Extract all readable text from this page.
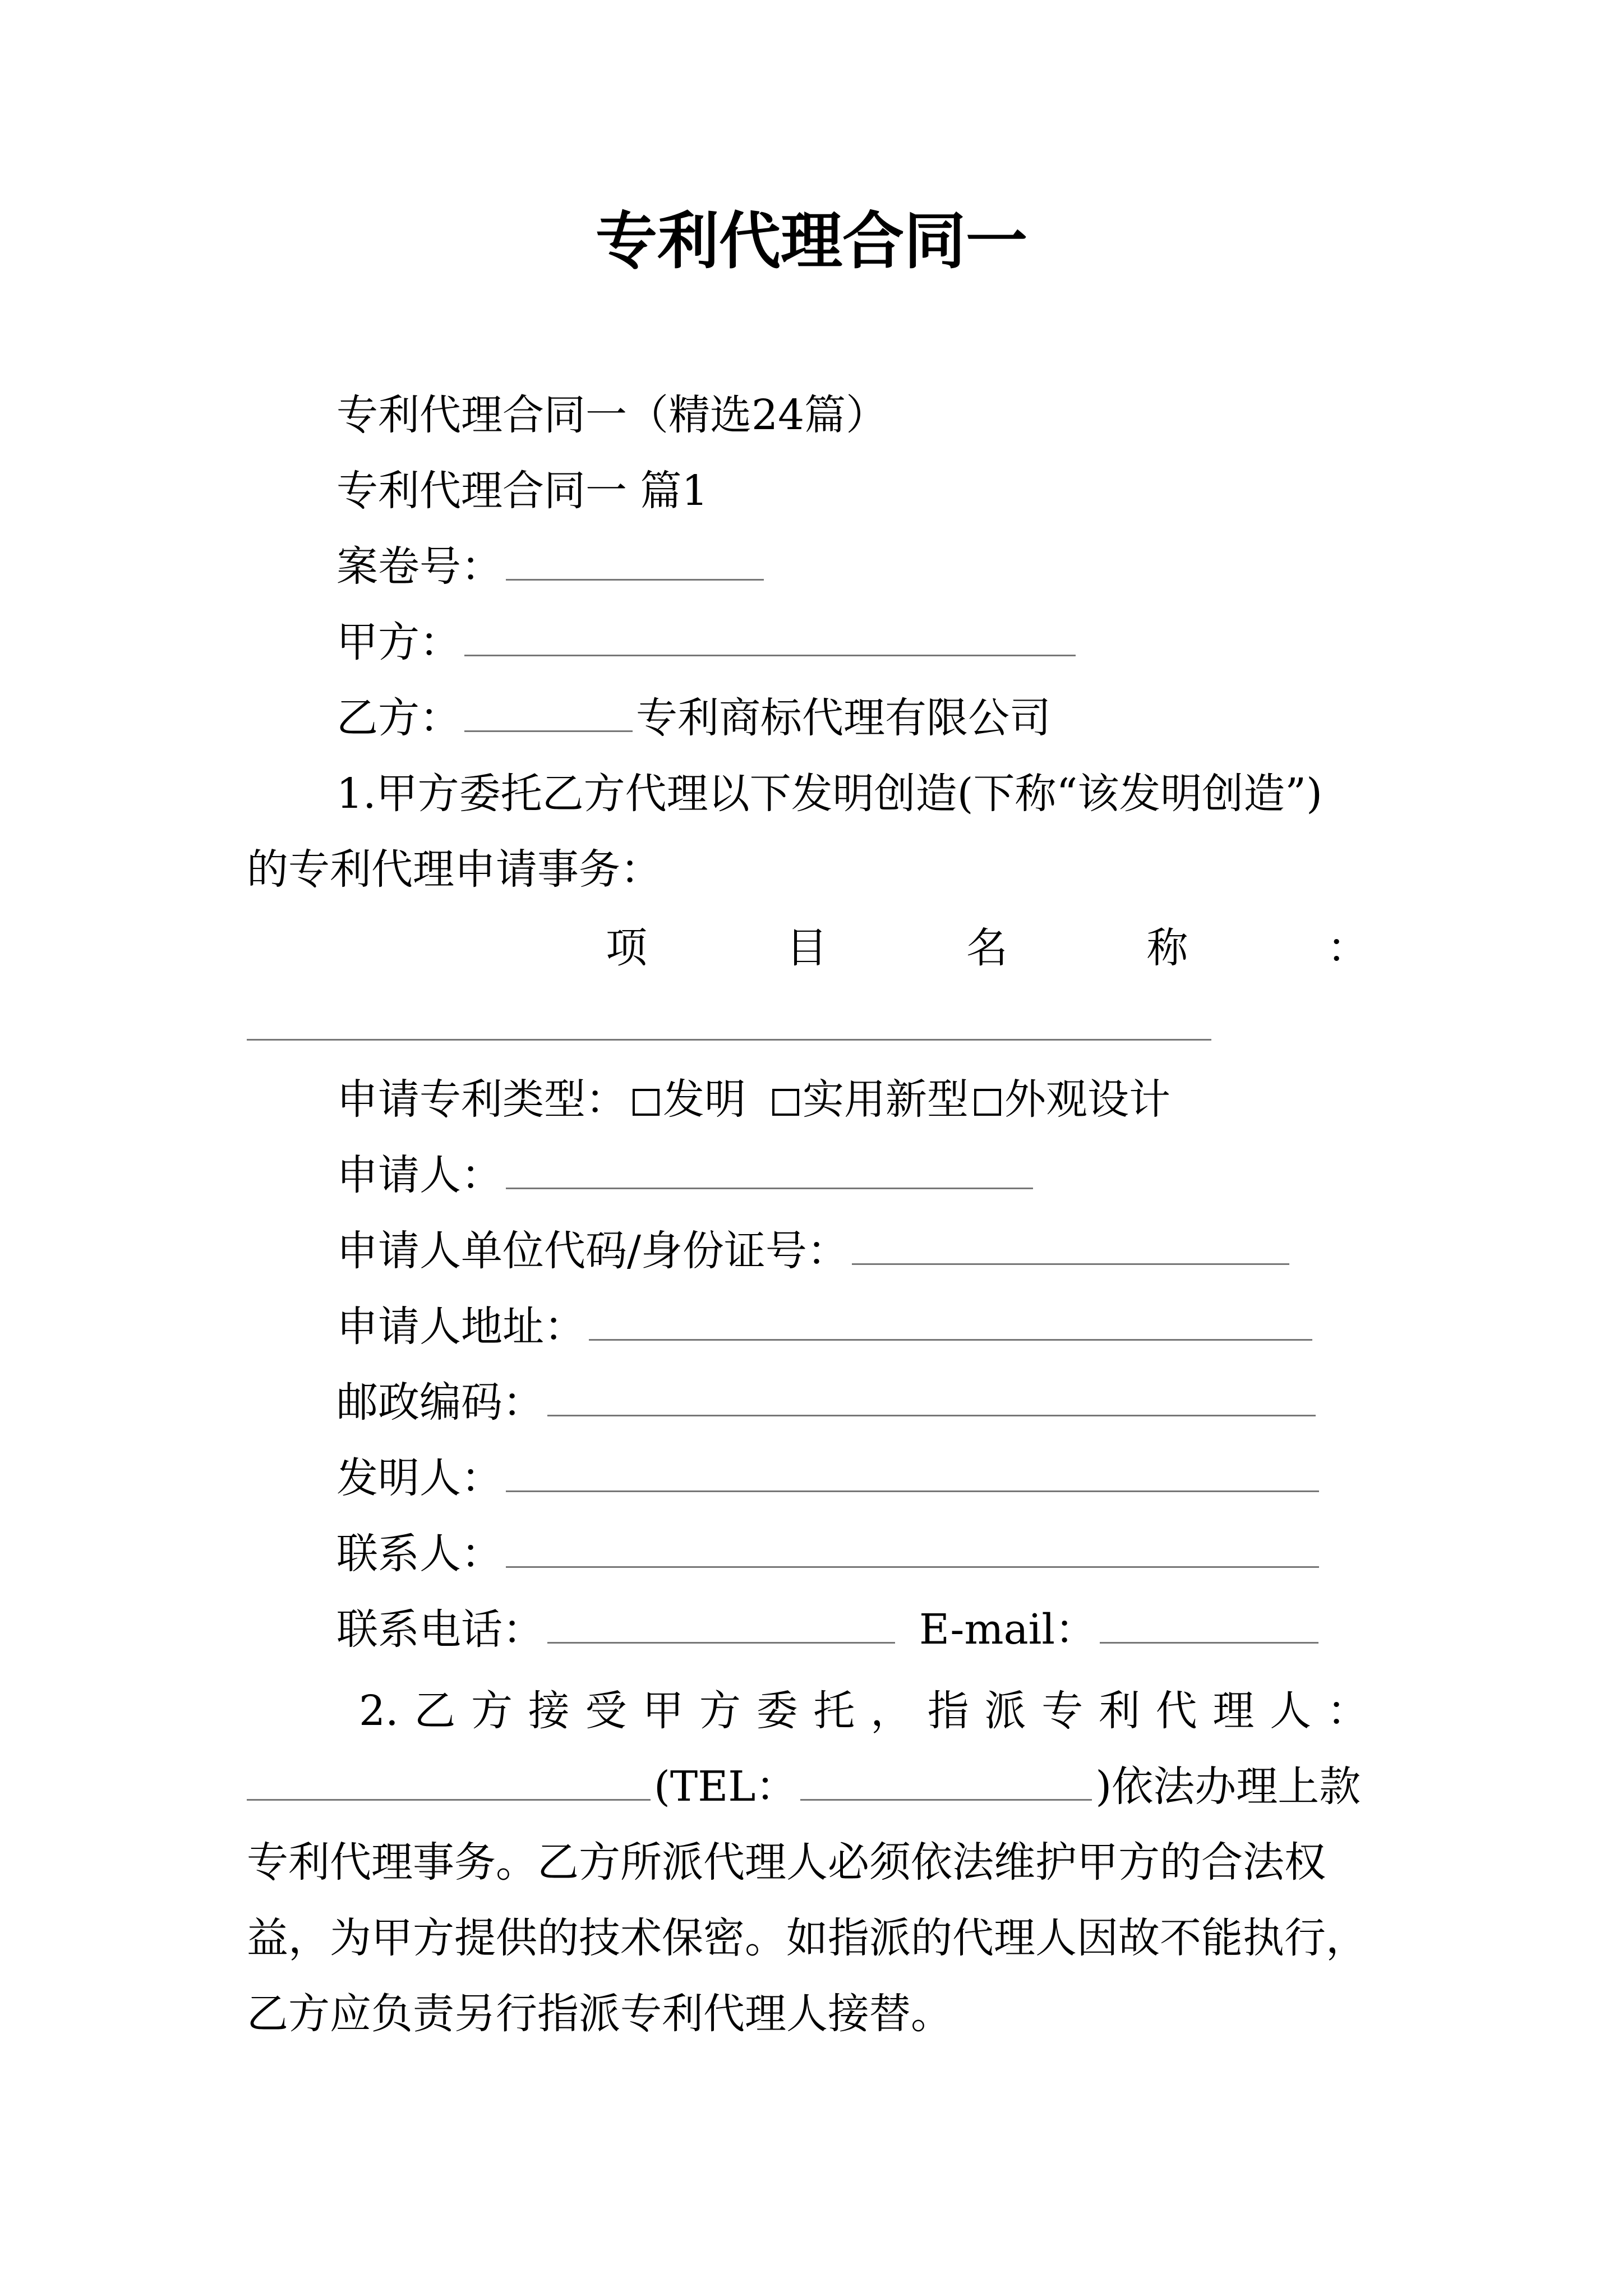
专利代理合同一
专利代理合同一（精选24篇）
专利代理合同一 篇1
案卷号：
甲方：
乙方：	专利商标代理有限公司
1.甲方委托乙方代理以下发明创造(下称“该发明创造”)
的专利代理申请事务：
项	目	名	称	：
申请专利类型： 发明  实用新型 外观设计
申请人：
申请人单位代码/身份证号：
申请人地址：
邮政编码：
发明人：
联系人：
联系电话： 	E-mail：
2. 乙 方 接 受 甲 方 委 托 ， 指 派 专 利 代 理 人 ：
(TEL：	)依法办理上款
专利代理事务。乙方所派代理人必须依法维护甲方的合法权
益，为甲方提供的技术保密。如指派的代理人因故不能执行，
乙方应负责另行指派专利代理人接替。
